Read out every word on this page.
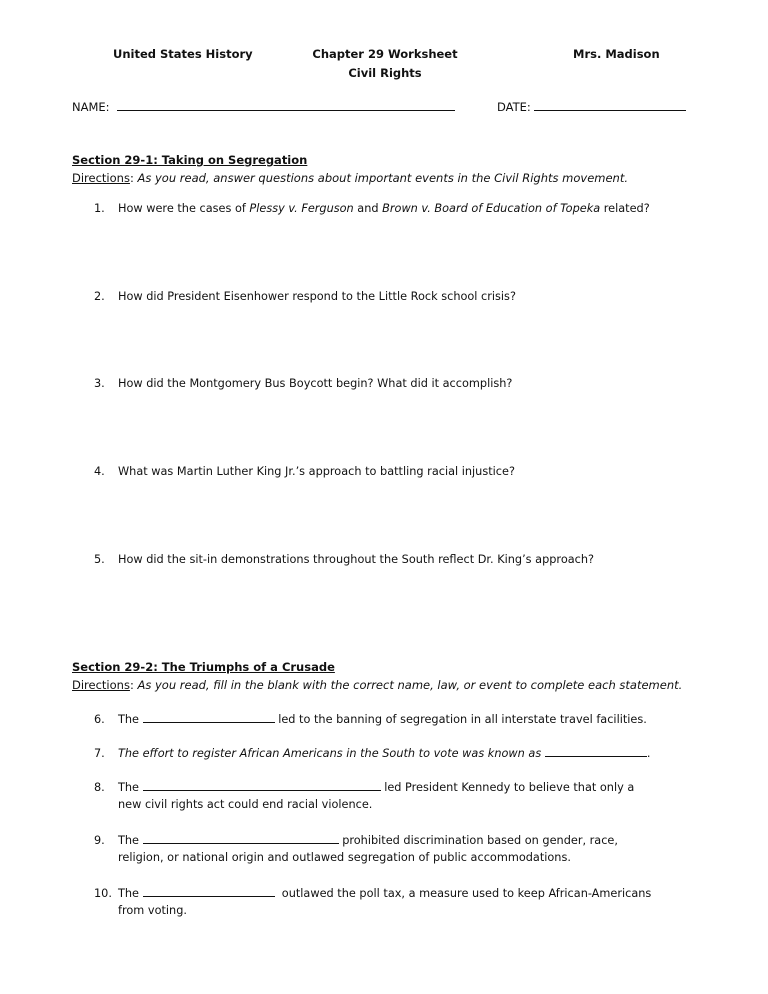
United States History	Chapter 29 Worksheet
Civil Rights
Mrs. Madison
NAME:	DATE:
Section 29-1: Taking on Segregation
Directions: As you read, answer questions about important events in the Civil Rights movement.
1. How were the cases of Plessy v. Ferguson and Brown v. Board of Education of Topeka related?
2. How did President Eisenhower respond to the Little Rock school crisis?
3. How did the Montgomery Bus Boycott begin? What did it accomplish?
4. What was Martin Luther King Jr.’s approach to battling racial injustice?
5. How did the sit-in demonstrations throughout the South reflect Dr. King’s approach?
Section 29-2: The Triumphs of a Crusade
Directions: As you read, fill in the blank with the correct name, law, or event to complete each statement.
6. The	led to the banning of segregation in all interstate travel facilities.
7. The effort to register African Americans in the South to vote was known as	.
8. The	led President Kennedy to believe that only a
new civil rights act could end racial violence.
9. The	prohibited discrimination based on gender, race,
religion, or national origin and outlawed segregation of public accommodations.
10. The	outlawed the poll tax, a measure used to keep African-Americans
from voting.
